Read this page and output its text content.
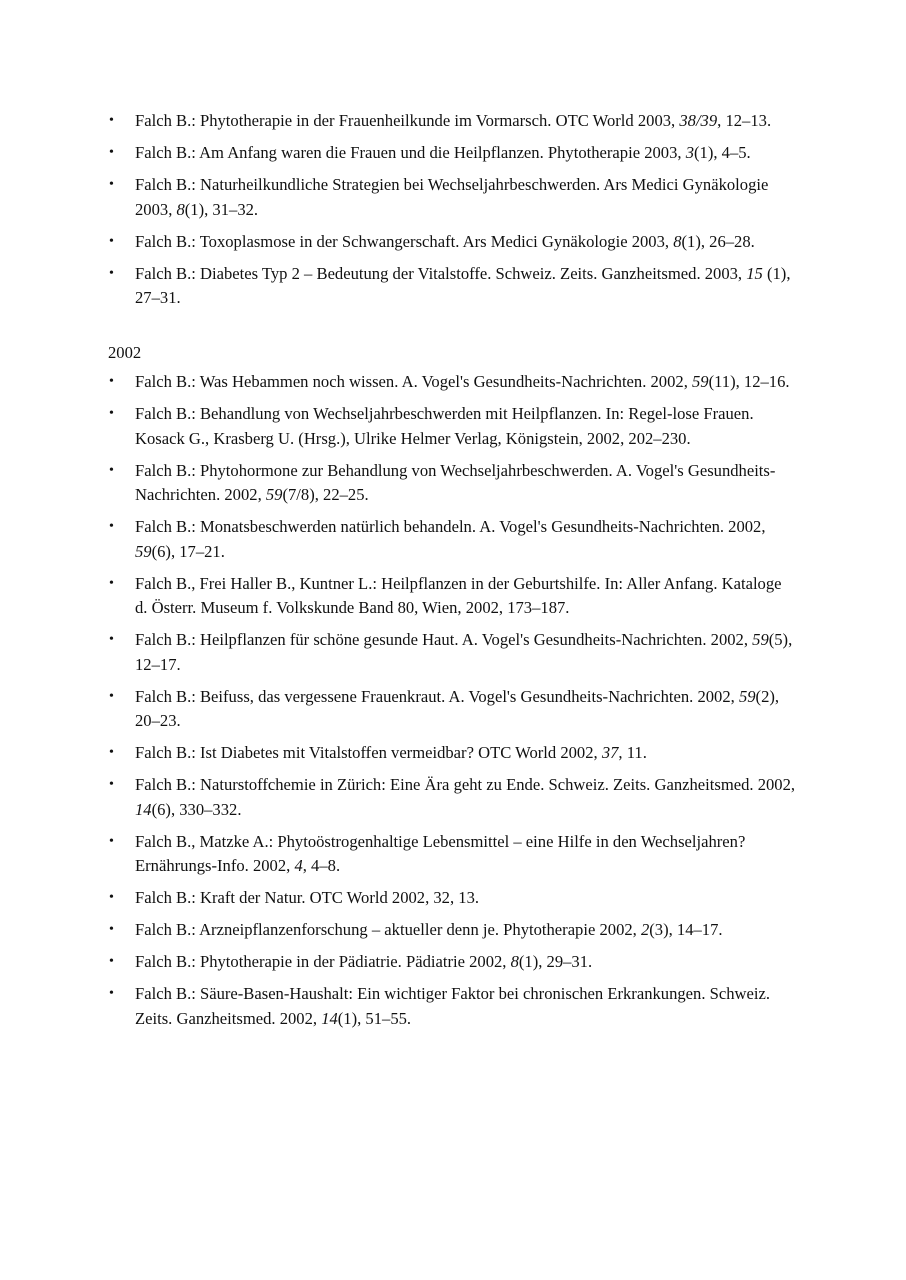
• Falch B.: Phytotherapie in der Frauenheilkunde im Vormarsch. OTC World 2003, 38/39, 12–13.
• Falch B.: Am Anfang waren die Frauen und die Heilpflanzen. Phytotherapie 2003, 3(1), 4–5.
• Falch B.: Naturheilkundliche Strategien bei Wechseljahrbeschwerden. Ars Medici Gynäkologie 2003, 8(1), 31–32.
• Falch B.: Toxoplasmose in der Schwangerschaft. Ars Medici Gynäkologie 2003, 8(1), 26–28.
• Falch B.: Diabetes Typ 2 – Bedeutung der Vitalstoffe. Schweiz. Zeits. Ganzheitsmed. 2003, 15 (1), 27–31.
2002
• Falch B.: Was Hebammen noch wissen. A. Vogel's Gesundheits-Nachrichten. 2002, 59(11), 12–16.
• Falch B.: Behandlung von Wechseljahrbeschwerden mit Heilpflanzen. In: Regel-lose Frauen. Kosack G., Krasberg U. (Hrsg.), Ulrike Helmer Verlag, Königstein, 2002, 202–230.
• Falch B.: Phytohormone zur Behandlung von Wechseljahrbeschwerden. A. Vogel's Gesundheits-Nachrichten. 2002, 59(7/8), 22–25.
• Falch B.: Monatsbeschwerden natürlich behandeln. A. Vogel's Gesundheits-Nachrichten. 2002, 59(6), 17–21.
• Falch B., Frei Haller B., Kuntner L.: Heilpflanzen in der Geburtshilfe. In: Aller Anfang. Kataloge d. Österr. Museum f. Volkskunde Band 80, Wien, 2002, 173–187.
• Falch B.: Heilpflanzen für schöne gesunde Haut. A. Vogel's Gesundheits-Nachrichten. 2002, 59(5), 12–17.
• Falch B.: Beifuss, das vergessene Frauenkraut. A. Vogel's Gesundheits-Nachrichten. 2002, 59(2), 20–23.
• Falch B.: Ist Diabetes mit Vitalstoffen vermeidbar? OTC World 2002, 37, 11.
• Falch B.: Naturstoffchemie in Zürich: Eine Ära geht zu Ende. Schweiz. Zeits. Ganzheitsmed. 2002, 14(6), 330–332.
• Falch B., Matzke A.: Phytoöstrogenhaltige Lebensmittel – eine Hilfe in den Wechseljahren? Ernährungs-Info. 2002, 4, 4–8.
• Falch B.: Kraft der Natur. OTC World 2002, 32, 13.
• Falch B.: Arzneipflanzenforschung – aktueller denn je. Phytotherapie 2002, 2(3), 14–17.
• Falch B.: Phytotherapie in der Pädiatrie. Pädiatrie 2002, 8(1), 29–31.
• Falch B.: Säure-Basen-Haushalt: Ein wichtiger Faktor bei chronischen Erkrankungen. Schweiz. Zeits. Ganzheitsmed. 2002, 14(1), 51–55.
